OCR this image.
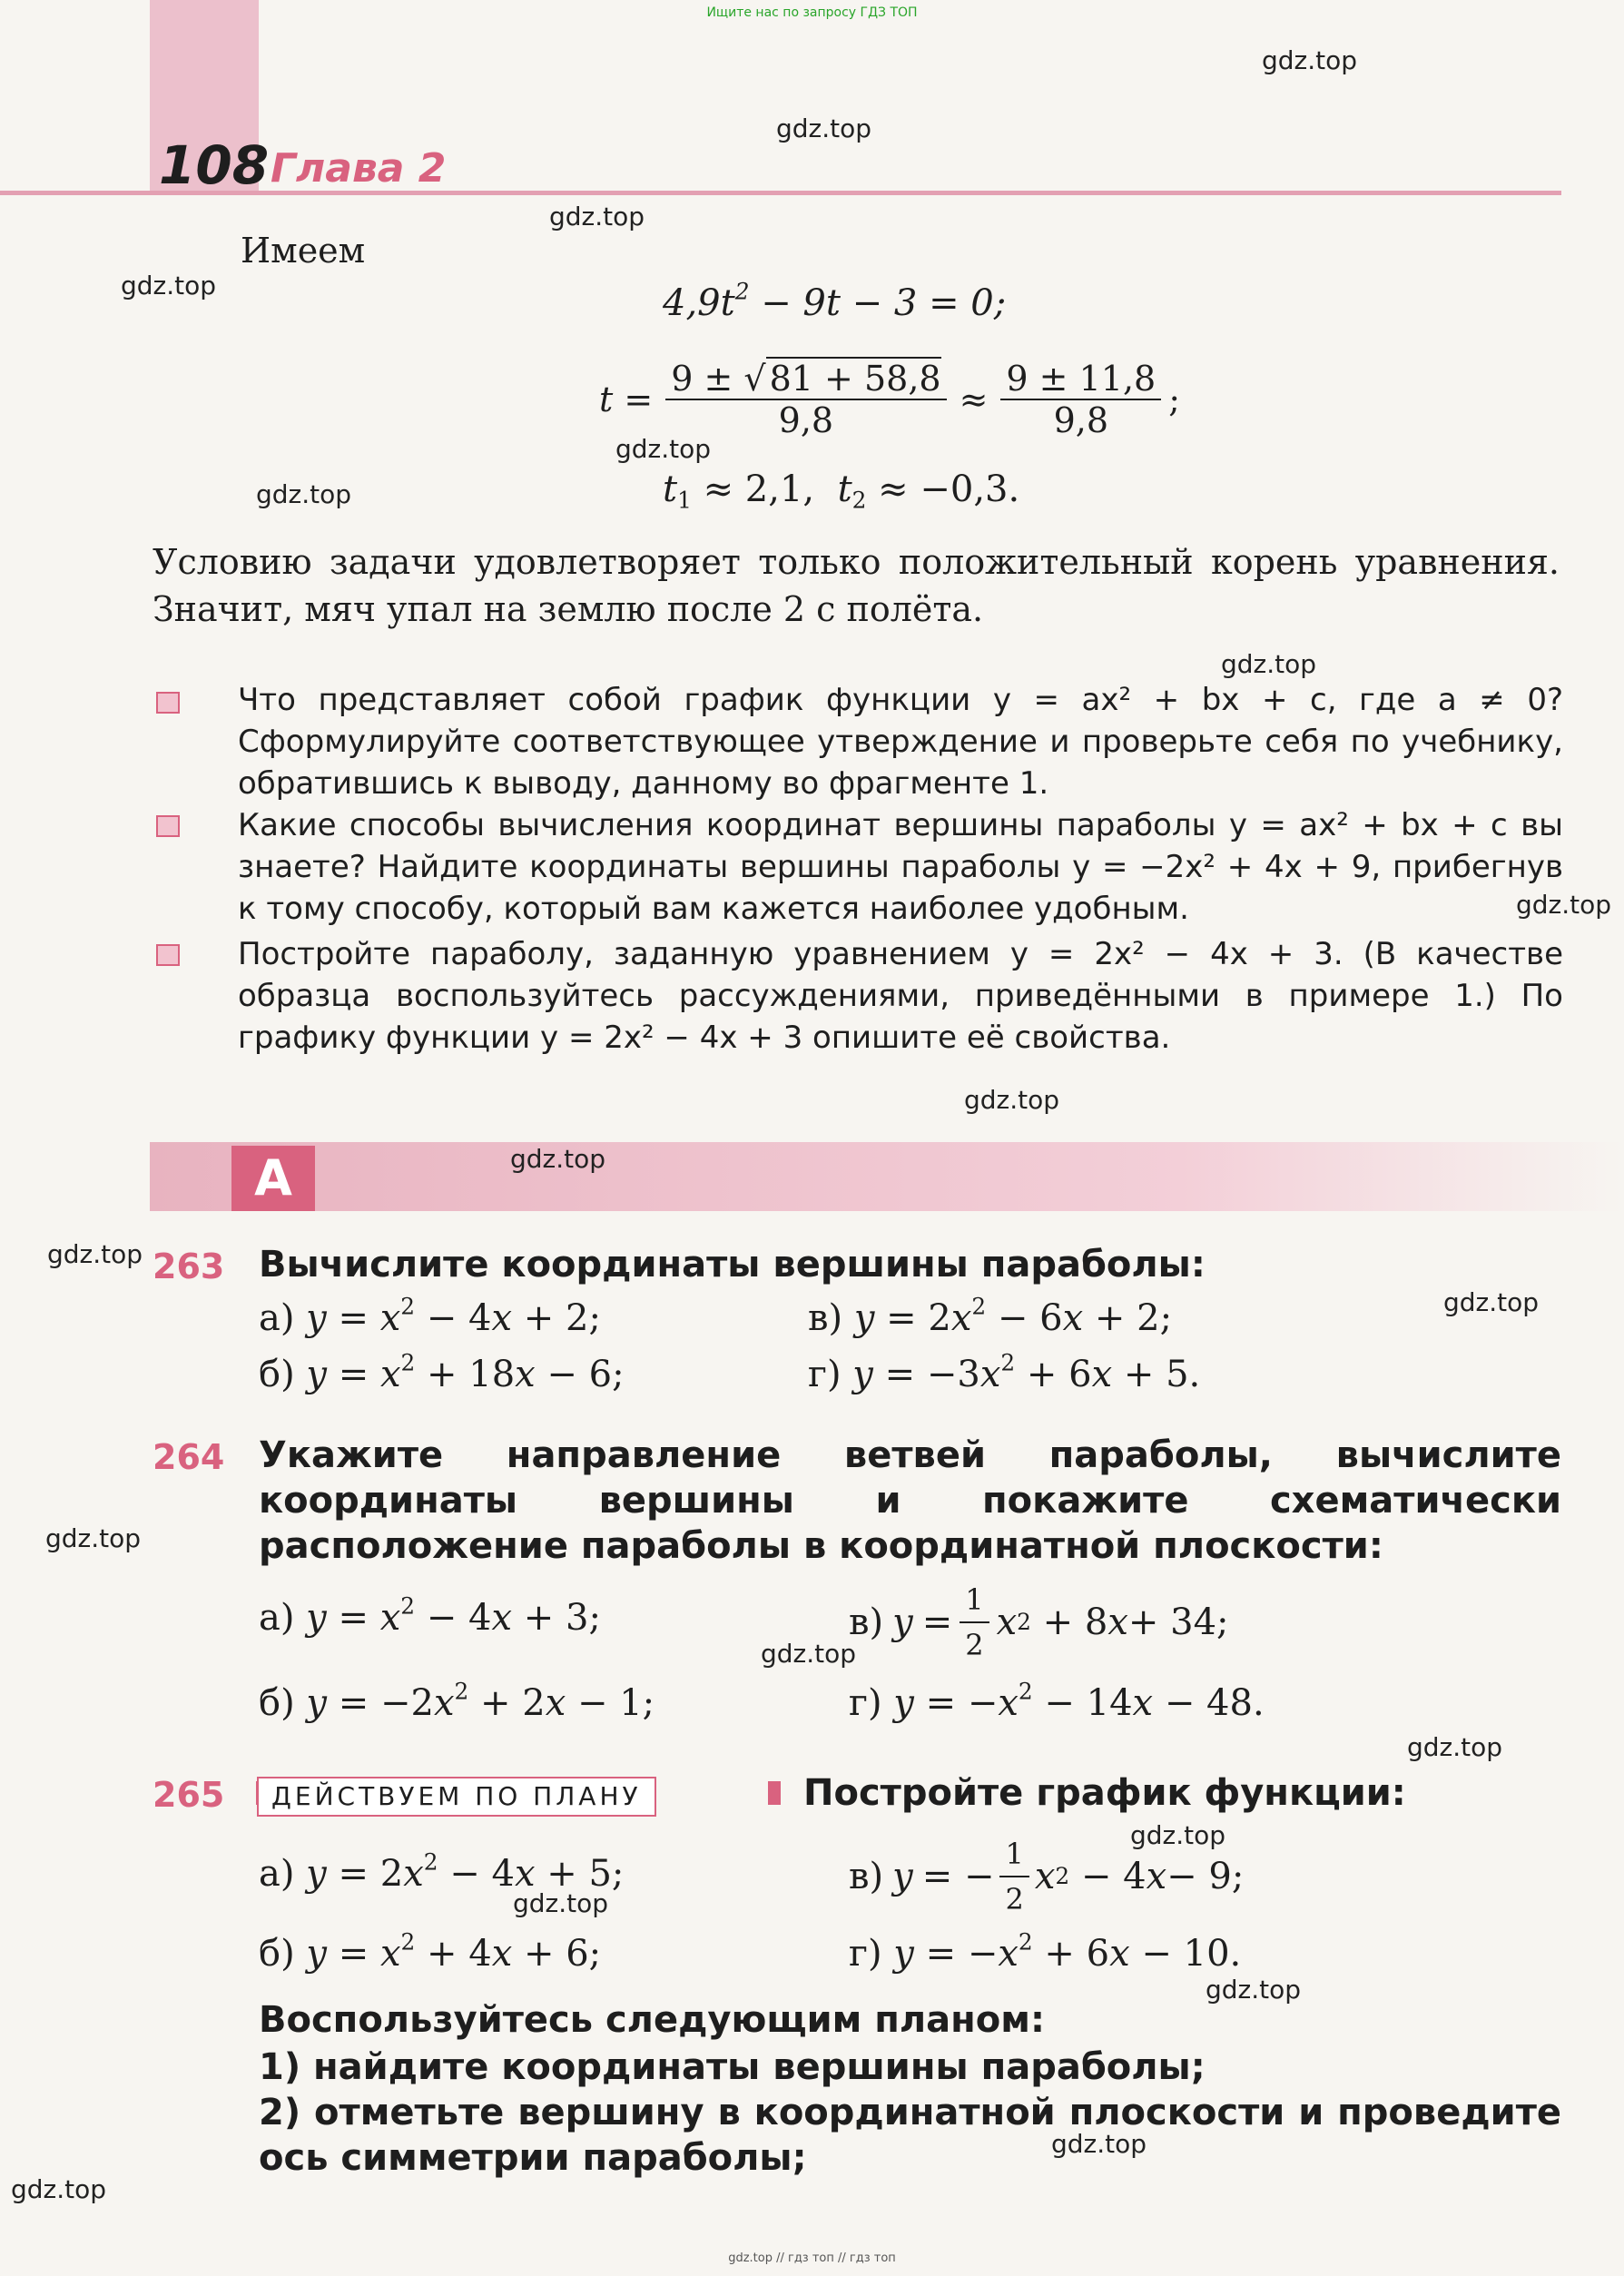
Ищите нас по запросу ГДЗ ТОП
gdz.top // гдз топ // гдз топ
108 Глава 2
Имеем
$4,9t^2 - 9t - 3 = 0$;
$t = \frac{9 \pm √ 81 + 58,8}{9,8} \approx \frac{9 \pm 11,8}{9,8}$ ;
$t_1 \approx 2,1$,  $t_2 \approx -0,3$.
Условию задачи удовлетворяет только положительный корень уравнения. Значит, мяч упал на землю после 2 с полёта.
Что представляет собой график функции y = ax² + bx + c, где a ≠ 0? Сформулируйте соответствующее утверждение и проверьте себя по учебнику, обратившись к выводу, данному во фрагменте 1.
Какие способы вычисления координат вершины параболы y = ax² + bx + c вы знаете? Найдите координаты вершины параболы y = −2x² + 4x + 9, прибегнув к тому способу, который вам кажется наиболее удобным.
Постройте параболу, заданную уравнением y = 2x² − 4x + 3. (В качестве образца воспользуйтесь рассуждениями, приведёнными в примере 1.) По графику функции y = 2x² − 4x + 3 опишите её свойства.
A
263 Вычислите координаты вершины параболы:
а) $y = x^2 - 4x + 2$;	в) $y = 2x^2 - 6x + 2$;
б) $y = x^2 + 18x - 6$;	г) $y = -3x^2 + 6x + 5$.
264 Укажите направление ветвей параболы, вычислите координаты вершины и покажите схематически расположение параболы в координатной плоскости:
а) $y = x^2 - 4x + 3$;	в) $y = \frac{1}{2}$ x 2 + 8 x + 34;
б) $y = -2x^2 + 2x - 1$;	г) $y = -x^2 - 14x - 48$.
265	ДЕЙСТВУЕМ ПО ПЛАНУ	Постройте график функции:
а) $y = 2x^2 - 4x + 5$;	в) y = − $\frac{1}{2}$ x 2 − 4 x − 9;
б) $y = x^2 + 4x + 6$;	г) $y = -x^2 + 6x - 10$.
Воспользуйтесь следующим планом:
1) найдите координаты вершины параболы;
2) отметьте вершину в координатной плоскости и проведите ось симметрии параболы;
gdz.top
gdz.top
gdz.top
gdz.top
gdz.top
gdz.top
gdz.top
gdz.top
gdz.top
gdz.top
gdz.top
gdz.top
gdz.top
gdz.top
gdz.top
gdz.top
gdz.top
gdz.top
gdz.top
gdz.top
